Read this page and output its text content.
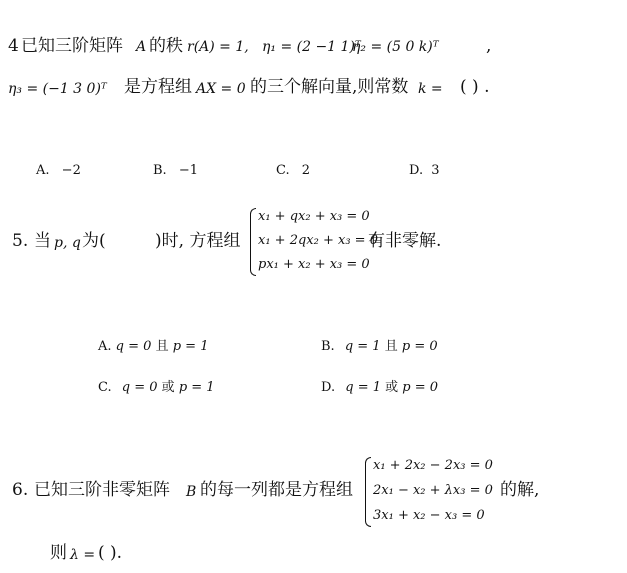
4 已知三阶矩阵 A 的秩 r(A) = 1, η₁ = (2 −1 1)ᵀ
η₂ = (5 0 k)ᵀ	,
η₃ = (−1 3 0)ᵀ 是方程组 AX = 0 的三个解向量,则常数 k = ( ) .
A. −2	B. −1	C. 2	D. 3
5. 当 p, q 为(	)时, 方程组
x₁ + qx₂ + x₃ = 0
x₁ + 2qx₂ + x₃ = 0
px₁ + x₂ + x₃ = 0
有非零解.
A. q = 0 且 p = 1	B. q = 1 且 p = 0
C. q = 0 或 p = 1	D. q = 1 或 p = 0
6. 已知三阶非零矩阵 B 的每一列都是方程组
x₁ + 2x₂ − 2x₃ = 0
2x₁ − x₂ + λx₃ = 0
3x₁ + x₂ − x₃ = 0
的解,
则 λ = ( ).
